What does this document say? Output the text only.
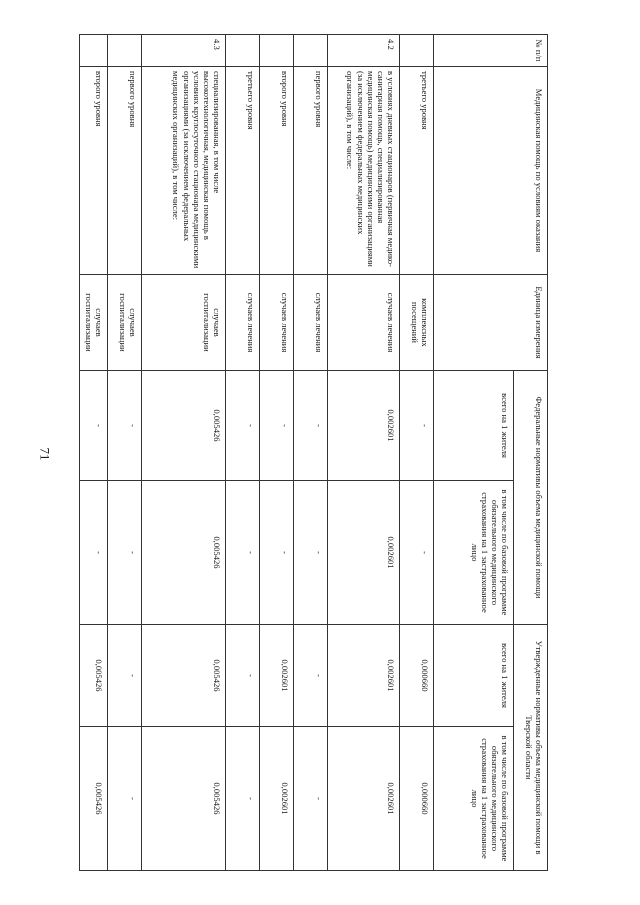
71
№ п/п	Медицинская помощь по условиям оказания	Единица измерения	Федеральные нормативы объема медицинской помощи		Утвержденные нормативы объема медицинской помощи в Тверской области	
			всего на 1 жителя	в том числе по базовой программе обязательного медицинского страхования на 1 застрахованное лицо	всего на 1 жителя	в том числе по базовой программе обязательного медицинского страхования на 1 застрахованное лицо
	третьего уровня	комплексных посещений	-	-	0,000660	0,000660
4.2	в условиях дневных стационаров (первичная медико-санитарная помощь, специализированная медицинская помощь) медицинскими организациями (за исключением федеральных медицинских организаций), в том числе:	случаев лечения	0,002601	0,002601	0,002601	0,002601
	первого уровня	случаев лечения	-	-	-	-
	второго уровня	случаев лечения	-	-	0,002601	0,002601
	третьего уровня	случаев лечения	-	-	-	-
4.3	специализированная, в том числе высокотехнологичная, медицинская помощь в условиях круглосуточного стационара медицинскими организациями (за исключением федеральных медицинских организаций), в том числе:	случаев госпитализации	0,005426	0,005426	0,005426	0,005426
	первого уровня	случаев госпитализации	-	-	-	-
	второго уровня	случаев госпитализации	-	-	0,005426	0,005426
